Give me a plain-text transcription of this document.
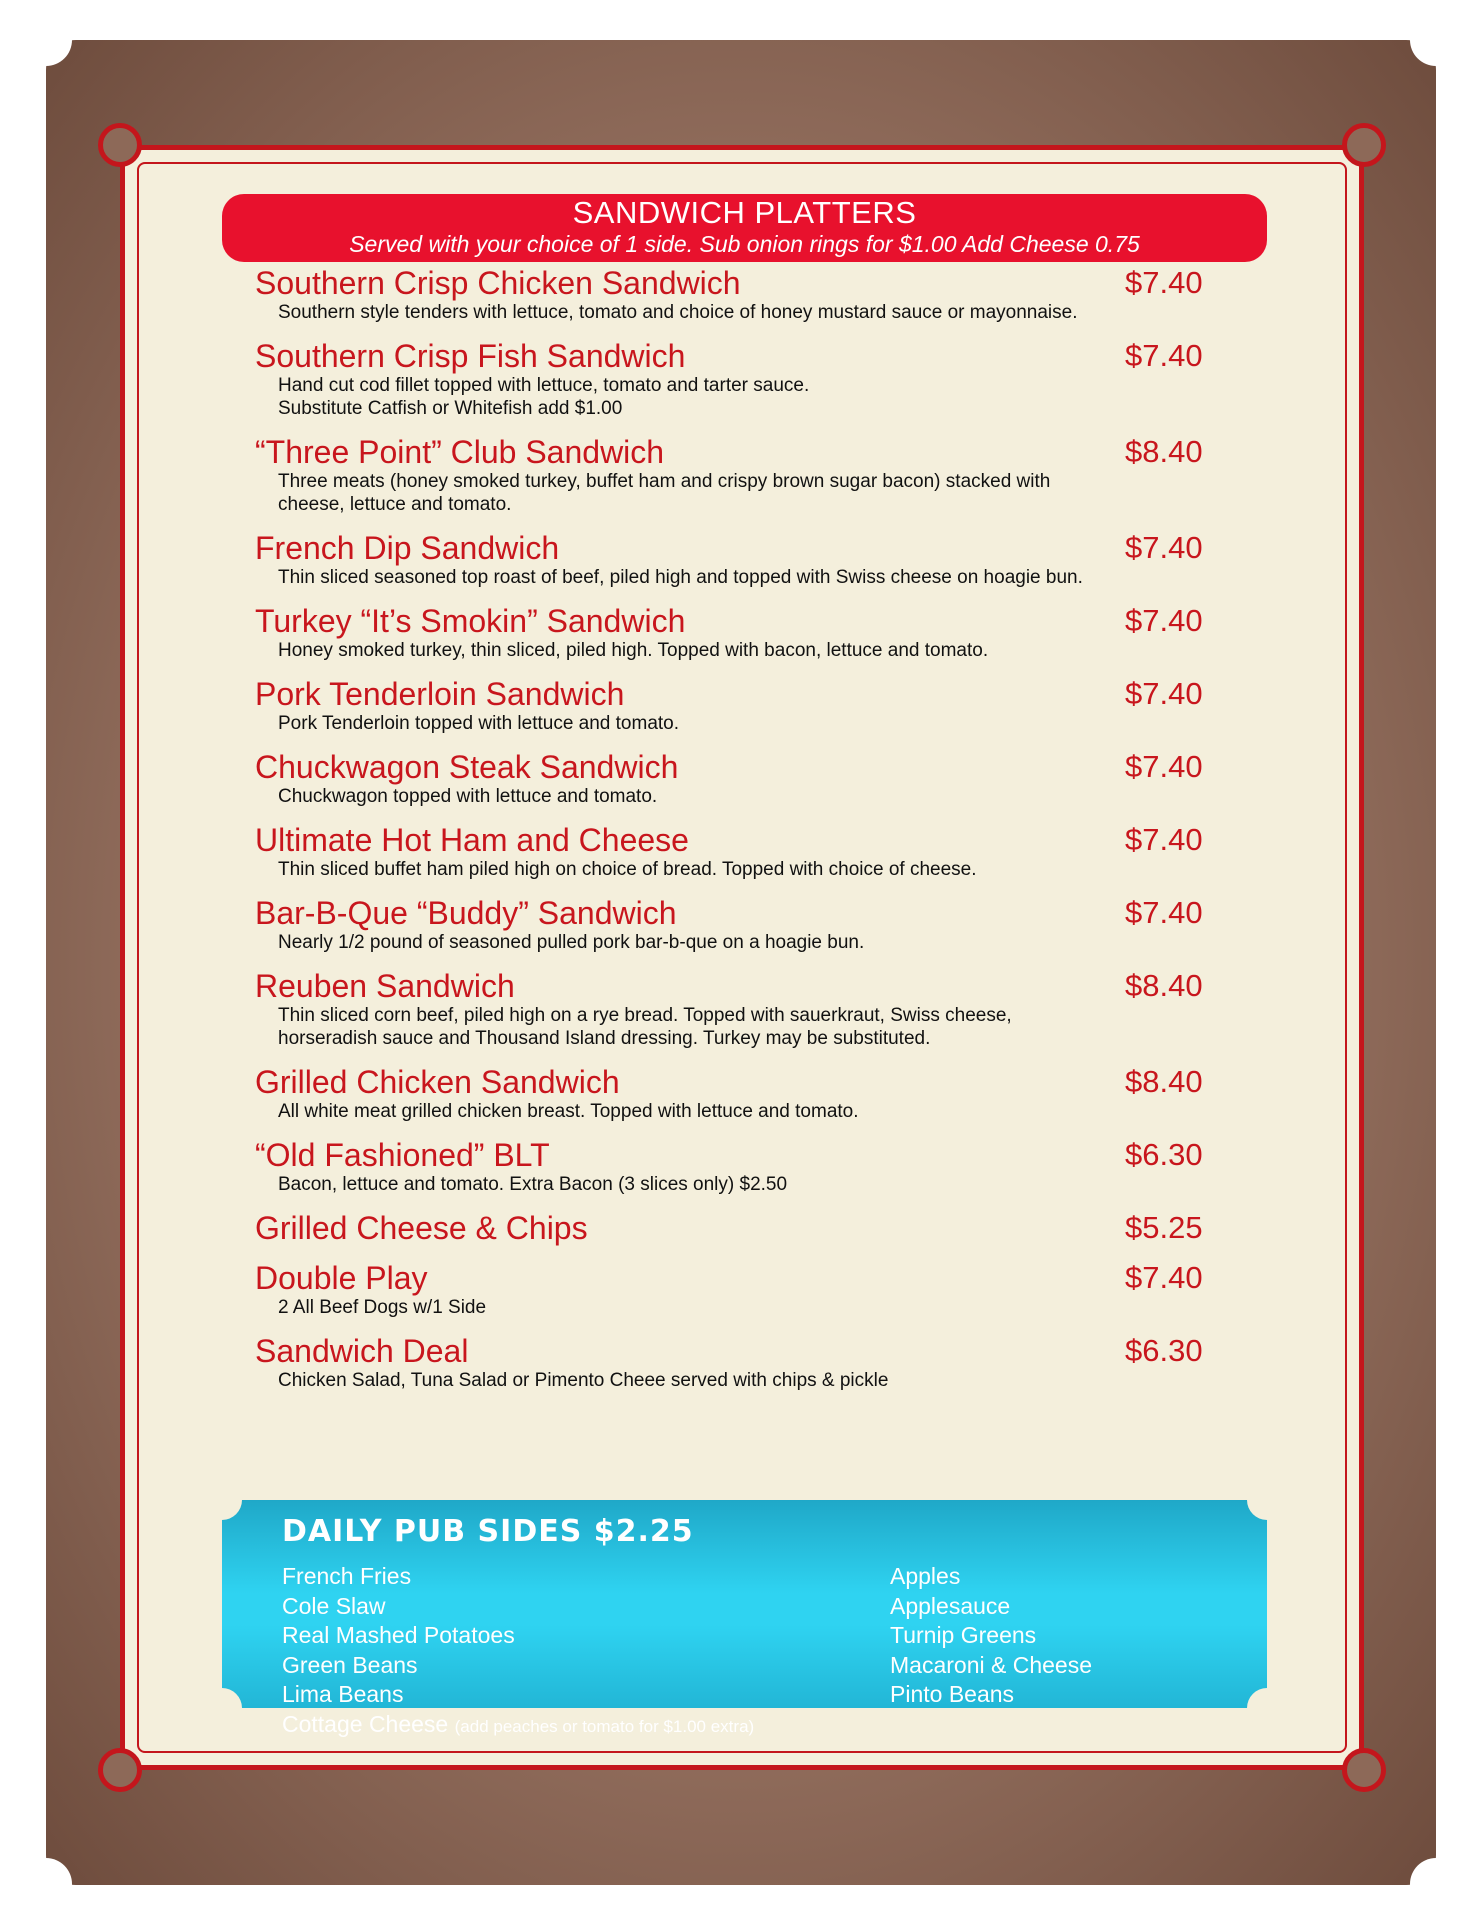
SANDWICH PLATTERS
Served with your choice of 1 side. Sub onion rings for $1.00 Add Cheese 0.75
Southern Crisp Chicken Sandwich	$7.40
Southern style tenders with lettuce, tomato and choice of honey mustard sauce or mayonnaise.
Southern Crisp Fish Sandwich	$7.40
Hand cut cod fillet topped with lettuce, tomato and tarter sauce.
Substitute Catfish or Whitefish add $1.00
“Three Point” Club Sandwich	$8.40
Three meats (honey smoked turkey, buffet ham and crispy brown sugar bacon) stacked with
cheese, lettuce and tomato.
French Dip Sandwich	$7.40
Thin sliced seasoned top roast of beef, piled high and topped with Swiss cheese on hoagie bun.
Turkey “It’s Smokin” Sandwich	$7.40
Honey smoked turkey, thin sliced, piled high. Topped with bacon, lettuce and tomato.
Pork Tenderloin Sandwich	$7.40
Pork Tenderloin topped with lettuce and tomato.
Chuckwagon Steak Sandwich	$7.40
Chuckwagon topped with lettuce and tomato.
Ultimate Hot Ham and Cheese	$7.40
Thin sliced buffet ham piled high on choice of bread. Topped with choice of cheese.
Bar-B-Que “Buddy” Sandwich	$7.40
Nearly 1/2 pound of seasoned pulled pork bar-b-que on a hoagie bun.
Reuben Sandwich	$8.40
Thin sliced corn beef, piled high on a rye bread. Topped with sauerkraut, Swiss cheese,
horseradish sauce and Thousand Island dressing. Turkey may be substituted.
Grilled Chicken Sandwich	$8.40
All white meat grilled chicken breast. Topped with lettuce and tomato.
“Old Fashioned” BLT	$6.30
Bacon, lettuce and tomato. Extra Bacon (3 slices only) $2.50
Grilled Cheese & Chips	$5.25
Double Play	$7.40
2 All Beef Dogs w/1 Side
Sandwich Deal	$6.30
Chicken Salad, Tuna Salad or Pimento Cheee served with chips & pickle
DAILY PUB SIDES $2.25
French Fries
Cole Slaw
Real Mashed Potatoes
Green Beans
Lima Beans
Cottage Cheese (add peaches or tomato for $1.00 extra)
Apples
Applesauce
Turnip Greens
Macaroni & Cheese
Pinto Beans
